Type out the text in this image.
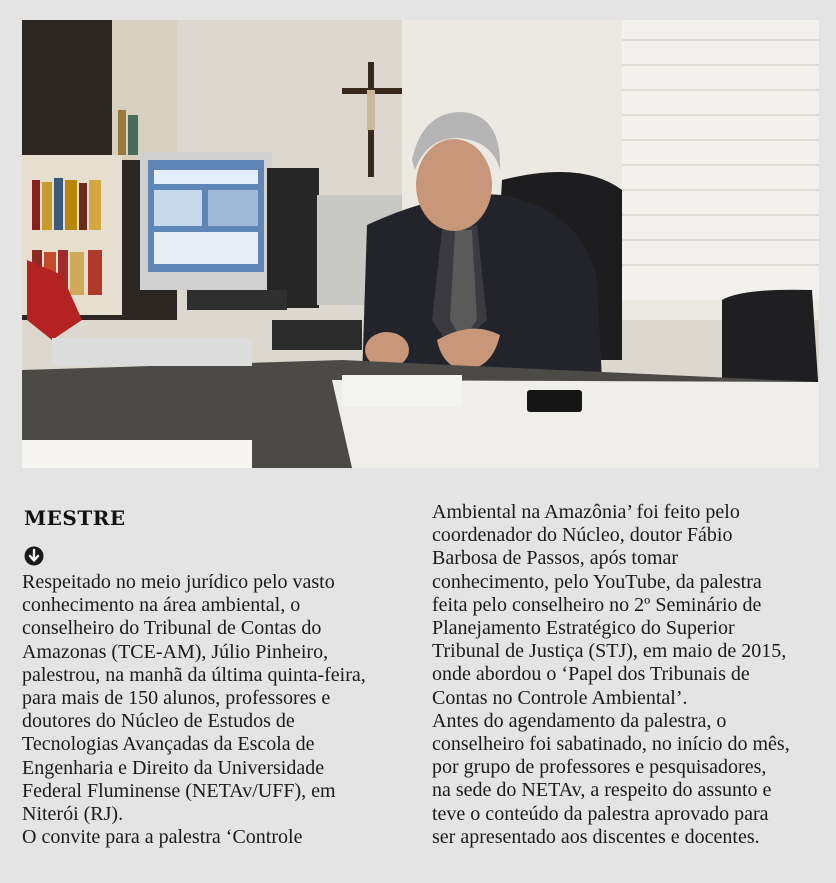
MESTRE
Respeitado no meio jurídico pelo vasto
conhecimento na área ambiental, o
conselheiro do Tribunal de Contas do
Amazonas (TCE-AM), Júlio Pinheiro,
palestrou, na manhã da última quinta-feira,
para mais de 150 alunos, professores e
doutores do Núcleo de Estudos de
Tecnologias Avançadas da Escola de
Engenharia e Direito da Universidade
Federal Fluminense (NETAv/UFF), em
Niterói (RJ).
O convite para a palestra ‘Controle
Ambiental na Amazônia’ foi feito pelo
coordenador do Núcleo, doutor Fábio
Barbosa de Passos, após tomar
conhecimento, pelo YouTube, da palestra
feita pelo conselheiro no 2º Seminário de
Planejamento Estratégico do Superior
Tribunal de Justiça (STJ), em maio de 2015,
onde abordou o ‘Papel dos Tribunais de
Contas no Controle Ambiental’.
Antes do agendamento da palestra, o
conselheiro foi sabatinado, no início do mês,
por grupo de professores e pesquisadores,
na sede do NETAv, a respeito do assunto e
teve o conteúdo da palestra aprovado para
ser apresentado aos discentes e docentes.
